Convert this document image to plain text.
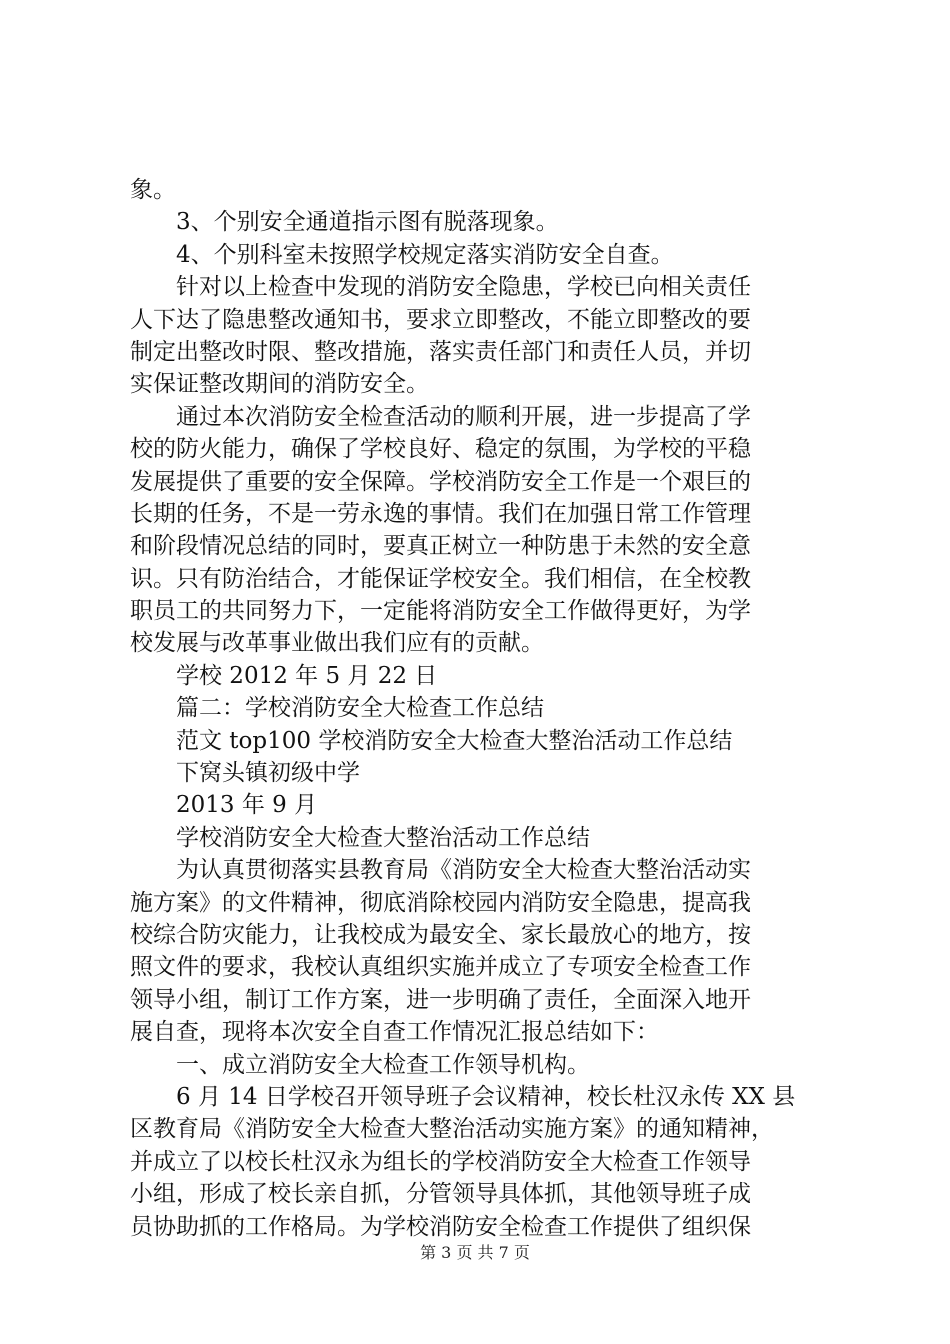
象。
　　3、个别安全通道指示图有脱落现象。
　　4、个别科室未按照学校规定落实消防安全自查。
　　针对以上检查中发现的消防安全隐患，学校已向相关责任
人下达了隐患整改通知书，要求立即整改，不能立即整改的要
制定出整改时限、整改措施，落实责任部门和责任人员，并切
实保证整改期间的消防安全。
　　通过本次消防安全检查活动的顺利开展，进一步提高了学
校的防火能力，确保了学校良好、稳定的氛围，为学校的平稳
发展提供了重要的安全保障。学校消防安全工作是一个艰巨的
长期的任务，不是一劳永逸的事情。我们在加强日常工作管理
和阶段情况总结的同时，要真正树立一种防患于未然的安全意
识。只有防治结合，才能保证学校安全。我们相信，在全校教
职员工的共同努力下，一定能将消防安全工作做得更好，为学
校发展与改革事业做出我们应有的贡献。
　　学校 2012 年 5 月 22 日
　　篇二：学校消防安全大检查工作总结
　　范文 top100 学校消防安全大检查大整治活动工作总结
　　下窝头镇初级中学
　　2013 年 9 月
　　学校消防安全大检查大整治活动工作总结
　　为认真贯彻落实县教育局《消防安全大检查大整治活动实
施方案》的文件精神，彻底消除校园内消防安全隐患，提高我
校综合防灾能力，让我校成为最安全、家长最放心的地方，按
照文件的要求，我校认真组织实施并成立了专项安全检查工作
领导小组，制订工作方案，进一步明确了责任，全面深入地开
展自查，现将本次安全自查工作情况汇报总结如下：
　　一、成立消防安全大检查工作领导机构。
　　6 月 14 日学校召开领导班子会议精神，校长杜汉永传 XX 县
区教育局《消防安全大检查大整治活动实施方案》的通知精神，
并成立了以校长杜汉永为组长的学校消防安全大检查工作领导
小组，形成了校长亲自抓，分管领导具体抓，其他领导班子成
员协助抓的工作格局。为学校消防安全检查工作提供了组织保
第 3 页 共 7 页
